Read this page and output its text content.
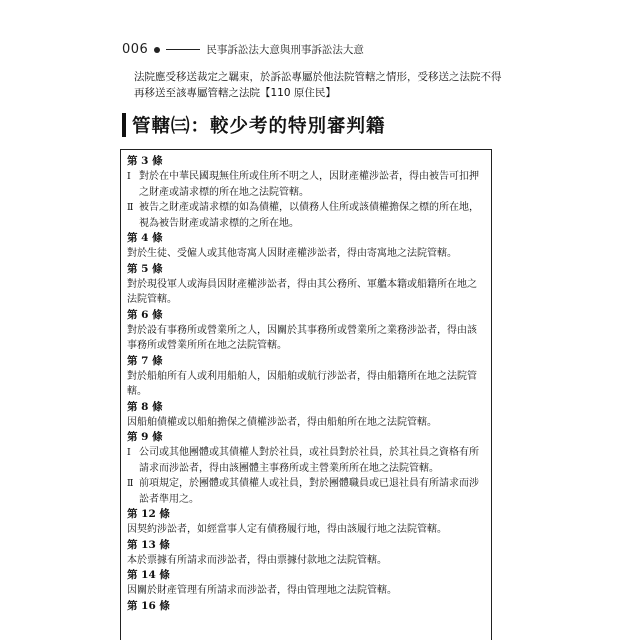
006	民事訴訟法大意與刑事訴訟法大意
法院應受移送裁定之羈束，於訴訟專屬於他法院管轄之情形，受移送之法院不得再移送至該專屬管轄之法院【110 原住民】
管轄㈢：較少考的特別審判籍
第 3 條
Ⅰ 對於在中華民國現無住所或住所不明之人，因財產權涉訟者，得由被告可扣押之財產或請求標的所在地之法院管轄。
Ⅱ 被告之財產或請求標的如為債權，以債務人住所或該債權擔保之標的所在地，視為被告財產或請求標的之所在地。
第 4 條
對於生徒、受僱人或其他寄寓人因財產權涉訟者，得由寄寓地之法院管轄。
第 5 條
對於現役軍人或海員因財產權涉訟者，得由其公務所、軍艦本籍或船籍所在地之法院管轄。
第 6 條
對於設有事務所或營業所之人，因關於其事務所或營業所之業務涉訟者，得由該事務所或營業所所在地之法院管轄。
第 7 條
對於船舶所有人或利用船舶人，因船舶或航行涉訟者，得由船籍所在地之法院管轄。
第 8 條
因船舶債權或以船舶擔保之債權涉訟者，得由船舶所在地之法院管轄。
第 9 條
Ⅰ 公司或其他團體或其債權人對於社員，或社員對於社員，於其社員之資格有所請求而涉訟者，得由該團體主事務所或主營業所所在地之法院管轄。
Ⅱ 前項規定，於團體或其債權人或社員，對於團體職員或已退社員有所請求而涉訟者準用之。
第 12 條
因契約涉訟者，如經當事人定有債務履行地，得由該履行地之法院管轄。
第 13 條
本於票據有所請求而涉訟者，得由票據付款地之法院管轄。
第 14 條
因關於財產管理有所請求而涉訟者，得由管理地之法院管轄。
第 16 條
